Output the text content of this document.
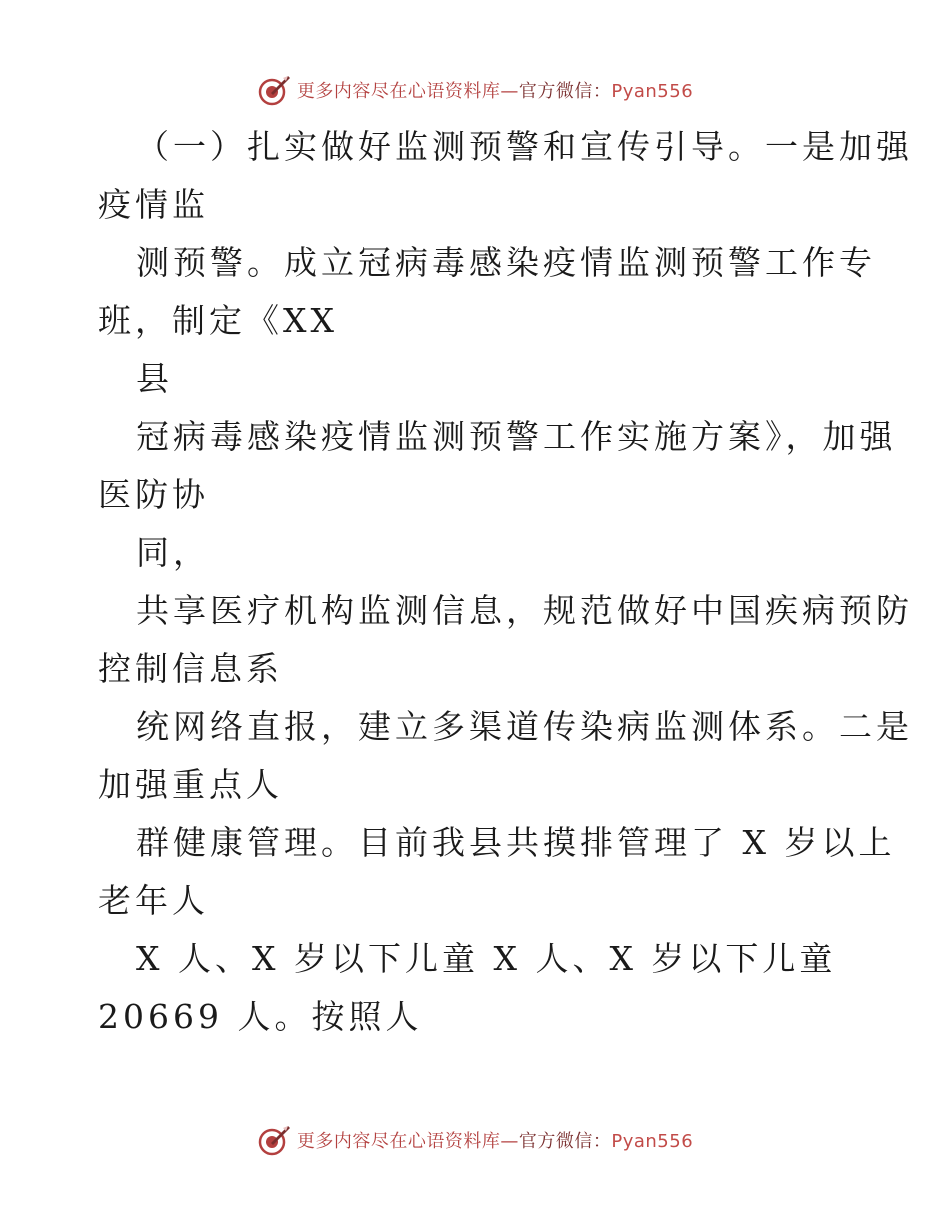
更多内容尽在心语资料库—官方微信：Pyan556
（一）扎实做好监测预警和宣传引导。一是加强
疫情监
测预警。成立冠病毒感染疫情监测预警工作专
班，制定《XX
县
冠病毒感染疫情监测预警工作实施方案》，加强
医防协
同，
共享医疗机构监测信息，规范做好中国疾病预防
控制信息系
统网络直报，建立多渠道传染病监测体系。二是
加强重点人
群健康管理。目前我县共摸排管理了 X 岁以上
老年人
X 人、X 岁以下儿童 X 人、X 岁以下儿童
20669 人。按照人
更多内容尽在心语资料库—官方微信：Pyan556
